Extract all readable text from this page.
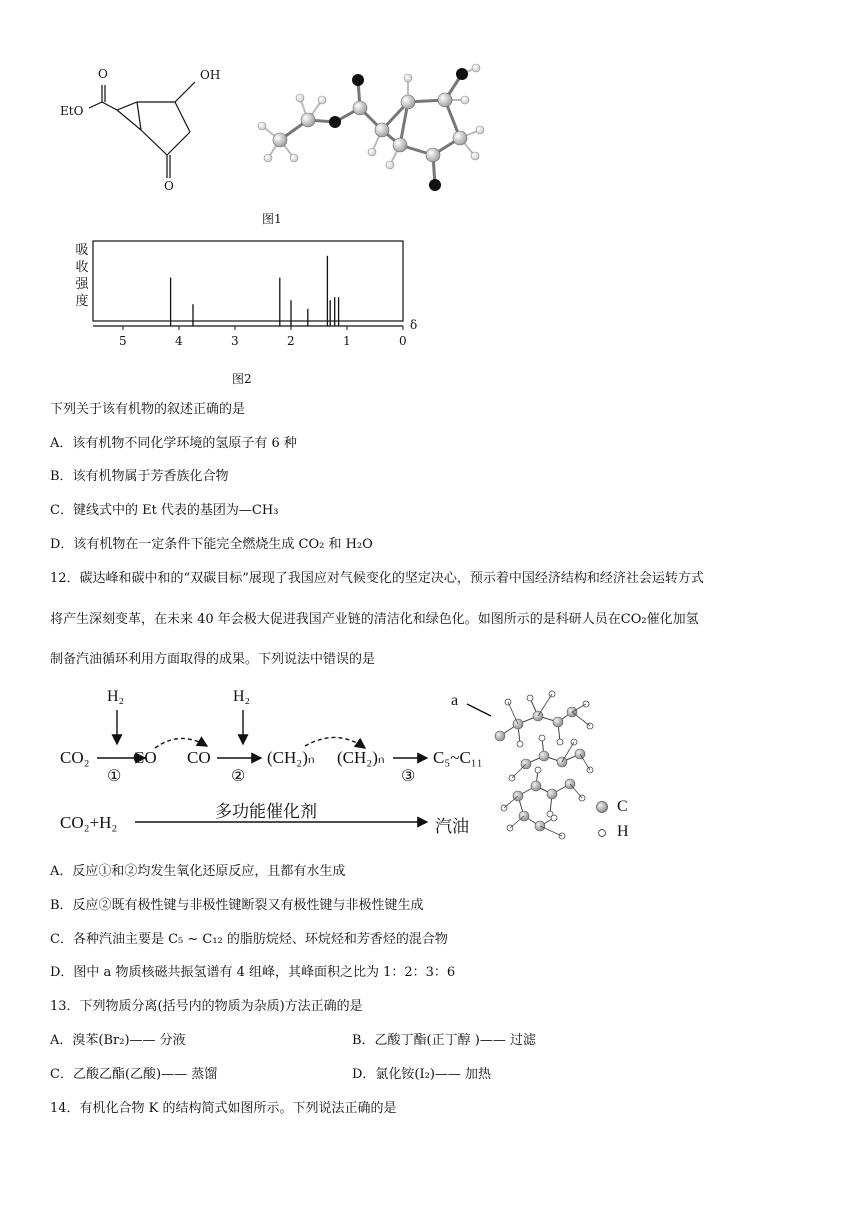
O
EtO
OH
O
图1
吸
收
强
度
δ
5	4	3	2	1	0
图2
下列关于该有机物的叙述正确的是
A．该有机物不同化学环境的氢原子有 6 种
B．该有机物属于芳香族化合物
C．键线式中的 Et 代表的基团为—CH₃
D．该有机物在一定条件下能完全燃烧生成 CO₂ 和 H₂O
12．碳达峰和碳中和的“双碳目标”展现了我国应对气候变化的坚定决心，预示着中国经济结构和经济社会运转方式
将产生深刻变革，在未来 40 年会极大促进我国产业链的清洁化和绿色化。如图所示的是科研人员在CO₂催化加氢
制备汽油循环利用方面取得的成果。下列说法中错误的是
H₂	H₂
CO₂	CO CO	(CH₂)ₙ (CH₂)ₙ	C₅~C₁₁
①	②	③
CO₂+H₂
多功能催化剂
汽油
a
C
H
A．反应①和②均发生氧化还原反应，且都有水生成
B．反应②既有极性键与非极性键断裂又有极性键与非极性键生成
C．各种汽油主要是 C₅ ~ C₁₂ 的脂肪烷烃、环烷烃和芳香烃的混合物
D．图中 a 物质核磁共振氢谱有 4 组峰，其峰面积之比为 1：2：3：6
13．下列物质分离(括号内的物质为杂质)方法正确的是
A．溴苯(Br₂)—— 分液	B．乙酸丁酯(正丁醇 )—— 过滤
C．乙酸乙酯(乙酸)—— 蒸馏	D．氯化铵(I₂)—— 加热
14．有机化合物 K 的结构简式如图所示。下列说法正确的是
